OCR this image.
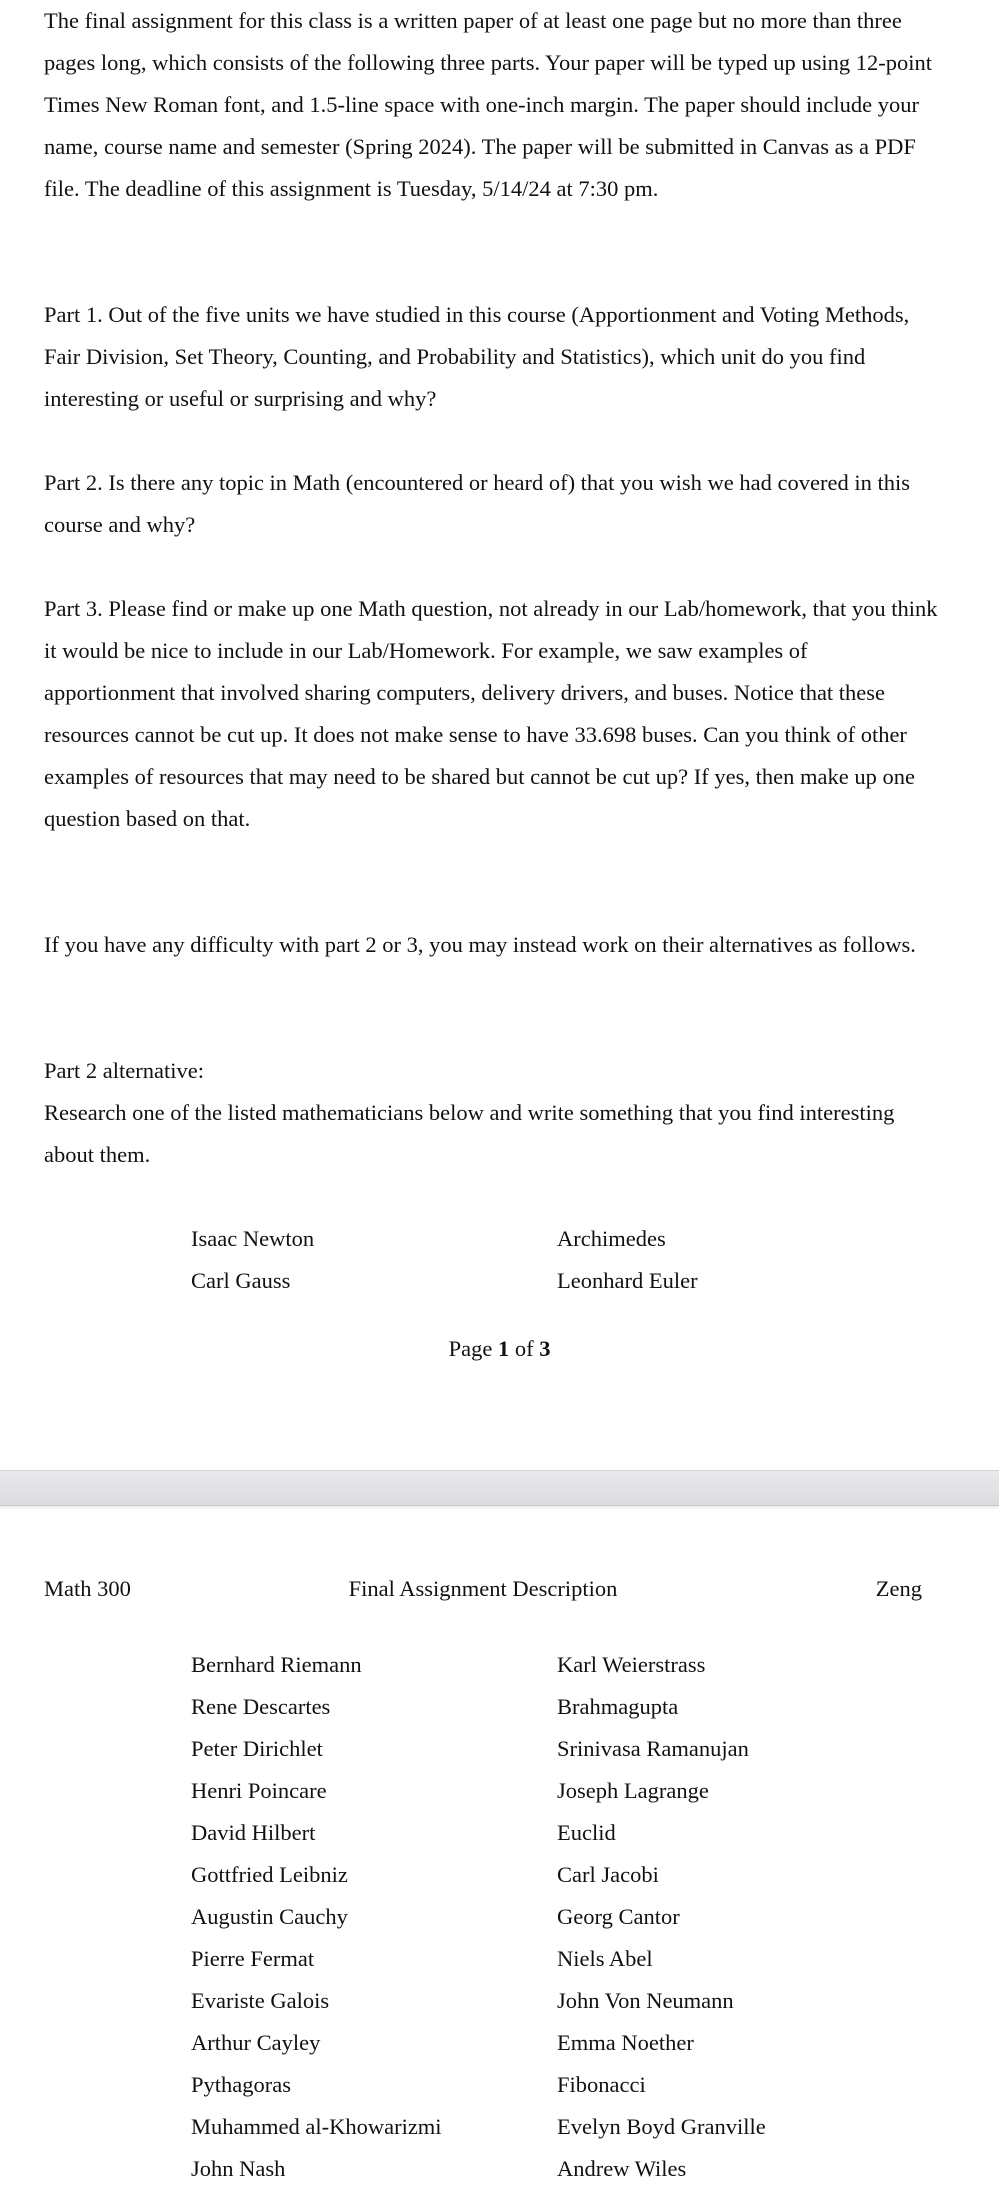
The final assignment for this class is a written paper of at least one page but no more than three pages long, which consists of the following three parts. Your paper will be typed up using 12-point Times New Roman font, and 1.5-line space with one-inch margin. The paper should include your name, course name and semester (Spring 2024). The paper will be submitted in Canvas as a PDF file. The deadline of this assignment is Tuesday, 5/14/24 at 7:30 pm.

Part 1. Out of the five units we have studied in this course (Apportionment and Voting Methods, Fair Division, Set Theory, Counting, and Probability and Statistics), which unit do you find interesting or useful or surprising and why?

Part 2. Is there any topic in Math (encountered or heard of) that you wish we had covered in this course and why?

Part 3. Please find or make up one Math question, not already in our Lab/homework, that you think it would be nice to include in our Lab/Homework. For example, we saw examples of apportionment that involved sharing computers, delivery drivers, and buses. Notice that these resources cannot be cut up. It does not make sense to have 33.698 buses. Can you think of other examples of resources that may need to be shared but cannot be cut up? If yes, then make up one question based on that.

If you have any difficulty with part 2 or 3, you may instead work on their alternatives as follows.

Part 2 alternative:
Research one of the listed mathematicians below and write something that you find interesting about them.
Isaac Newton	Archimedes
Carl Gauss	Leonhard Euler
Page 1 of 3
Math 300	Final Assignment Description	Zeng
Bernhard Riemann	Karl Weierstrass
Rene Descartes	Brahmagupta
Peter Dirichlet	Srinivasa Ramanujan
Henri Poincare	Joseph Lagrange
David Hilbert	Euclid
Gottfried Leibniz	Carl Jacobi
Augustin Cauchy	Georg Cantor
Pierre Fermat	Niels Abel
Evariste Galois	John Von Neumann
Arthur Cayley	Emma Noether
Pythagoras	Fibonacci
Muhammed al-Khowarizmi	Evelyn Boyd Granville
John Nash	Andrew Wiles
